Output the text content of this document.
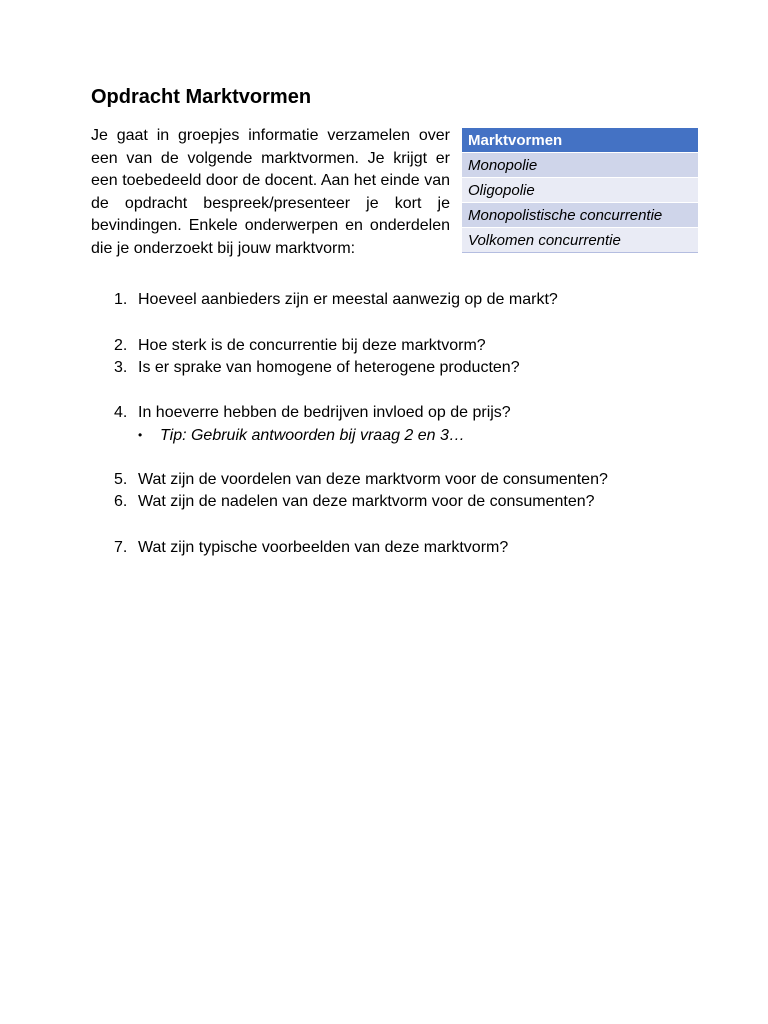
Opdracht Marktvormen

Je gaat in groepjes informatie verzamelen over een van de volgende marktvormen. Je krijgt er een toebedeeld door de docent. Aan het einde van de opdracht bespreek/presenteer je kort je bevindingen. Enkele onderwerpen en onderdelen die je onderzoekt bij jouw marktvorm:

Marktvormen
Monopolie
Oligopolie
Monopolistische concurrentie
Volkomen concurrentie

1. Hoeveel aanbieders zijn er meestal aanwezig op de markt?

2. Hoe sterk is de concurrentie bij deze marktvorm?

3. Is er sprake van homogene of heterogene producten?

4. In hoeverre hebben de bedrijven invloed op de prijs?

• Tip: Gebruik antwoorden bij vraag 2 en 3…

5. Wat zijn de voordelen van deze marktvorm voor de consumenten?

6. Wat zijn de nadelen van deze marktvorm voor de consumenten?

7. Wat zijn typische voorbeelden van deze marktvorm?
